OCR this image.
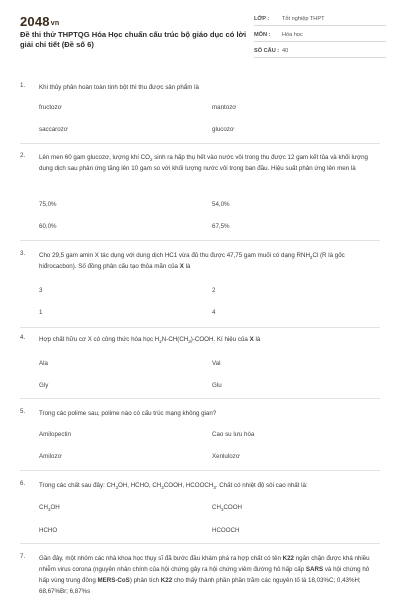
2048vn
Đề thi thử THPTQG Hóa Học chuẩn cấu trúc bộ giáo dục có lời giải chi tiết (Đề số 6)
LỚP :	Tốt nghiệp THPT
MÔN :	Hóa học
SỐ CÂU : 40
1. Khi thủy phân hoàn toàn tinh bột thì thu được sản phẩm là
fructozơ	mantozơ
saccarozơ	glucozơ
2. Lên men 60 gam glucozơ, lượng khí $CO_2$ sinh ra hấp thụ hết vào nước vôi trong thu được 12 gam kết tủa và khối lượng dung dịch sau phản ứng tăng lên 10 gam so với khối lượng nước vôi trong ban đầu. Hiệu suất phản ứng lên men là
75,0%	54,0%
60,0%	67,5%
3. Cho 29,5 gam amin X tác dụng với dung dịch HC1 vừa đủ thu được 47,75 gam muối có dạng $RNH_3Cl$ (R là gốc hiđrocacbon). Số đồng phân cấu tạo thỏa mãn của X là
3	2
1	4
4. Hợp chất hữu cơ X có công thức hóa học $H_2N-CH(CH_3)$-COOH. Kí hiệu của X là
Ala	Val
Gly	Glu
5. Trong các polime sau, polime nào có cấu trúc mạng không gian?
Amilopectin	Cao su lưu hóa
Amilozơ	Xenlulozơ
6. Trong các chất sau đây: $CH_3OH$, HCHO, $CH_3COOH$, $HCOOCH_3$. Chất có nhiệt độ sôi cao nhất là:
$CH_3OH$	$CH_3COOH$
HCHO	HCOOCH
7. Gần đây, một nhóm các nhà khoa học thụy sĩ đã bước đầu khám phá ra hợp chất có tên K22 ngăn chặn được khá nhiều nhiễm virus corona (nguyên nhân chính của hội chứng gây ra hội chứng viêm đường hô hấp cấp SARS và hội chứng hô hấp vùng trung đông MERS-CoS) phân tích K22 cho thấy thành phần phần trăm các nguyên tố là 18,03%C; 0,43%H; 68,67%Br; 6,87%s
